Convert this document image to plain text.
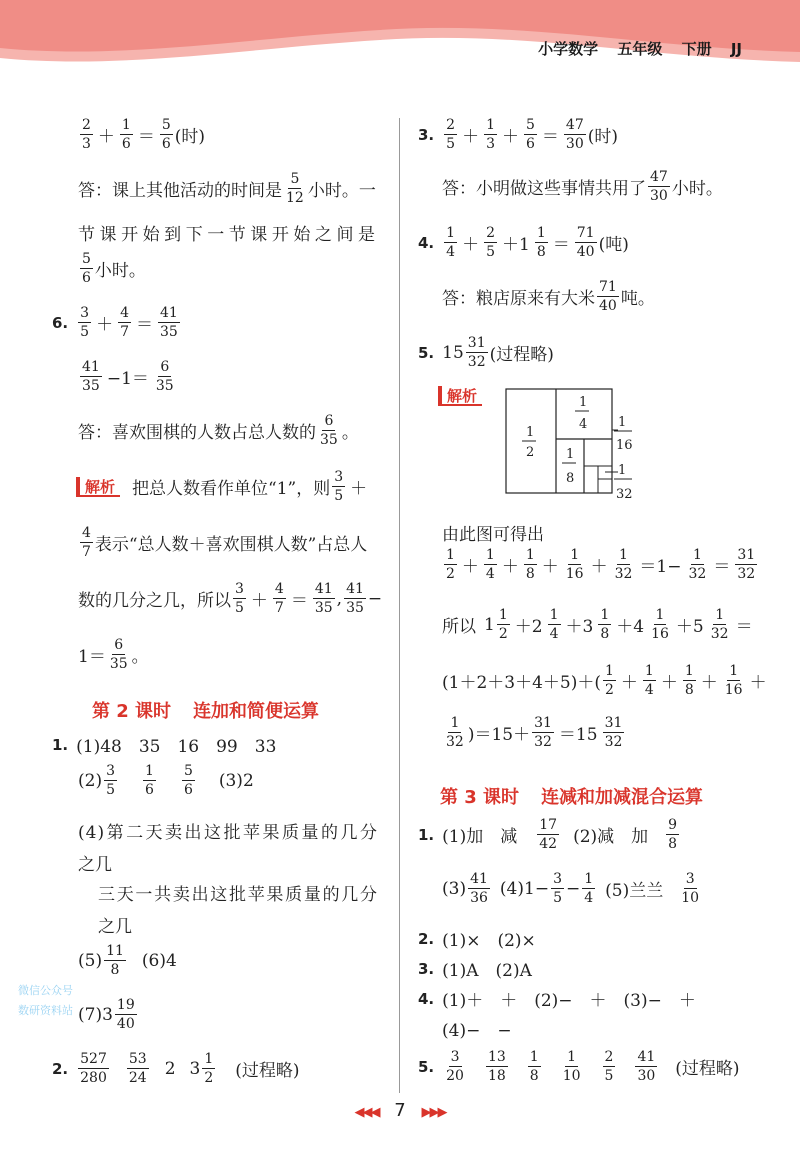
小学数学 五年级 下册 JJ
2
3 ＋
1
6 ＝
5
6 (时)
答：课上其他活动的时间是
5
12 小时。一
节课开始到下一节课开始之间是
5
6 小时。
6.
3
5 ＋
4
7 ＝
41
35
41
35 −1＝
6
35
答：喜欢围棋的人数占总人数的
6
35 。
解析 把总人数看作单位“1”，则
3
5 ＋
4
7 表示“总人数＋喜欢围棋人数”占总人
数的几分之几，所以
3
5 ＋
4
7 ＝
41
35 , 41
35 −
1＝
6
35 。
第 2 课时 连加和简便运算
1. (1)48　35　16　99　33
(2) 3
5
1
6
5
6 (3)2
(4)第二天卖出这批苹果质量的几分
之几
三天一共卖出这批苹果质量的几分
之几
(5) 11
8 (6)4
(7)3 19
40
微信公众号
数研资料站
2.
527
280
53
24 2 3 1
2 (过程略)
3.
2
5 ＋
1
3 ＋
5
6 ＝
47
30 (时)
答：小明做这些事情共用了
47
30 小时。
4.
1
4 ＋
2
5 ＋1
1
8 ＝
71
40 (吨)
答：粮店原来有大米
71
40 吨。
5. 15 31
32 (过程略)
解析
1
2
1
4
1
8
1
16
1
32
由此图可得出
1
2 ＋
1
4 ＋
1
8 ＋
1
16 ＋
1
$32 =1- \frac{1}{32}$ ＝
31
32
所以 1 1
2 ＋2
1
4 ＋3
1
8 ＋4
1
16 ＋5
1
32 ＝
(1＋2＋3＋4＋5)＋(
1
2 ＋
1
4 ＋
1
8 ＋
1
16 ＋
1
32 )＝15＋
31
32 ＝15
31
32
第 3 课时 连减和加减混合运算
1. (1)加　减
17
42 (2)减　加
9
8
(3) 41
36 $(4)1- \frac{3}{5} - \frac{1}{4} (5)$兰兰
3
10
2. (1)×　(2)×
3. (1)A　(2)A
4. (1)＋　＋　(2)−　＋　(3)−　＋
(4)−　−
5.
3
20
13
18
1
8
1
10
2
5
41
30 (过程略)
◀◀◀ 7 ▶▶▶
